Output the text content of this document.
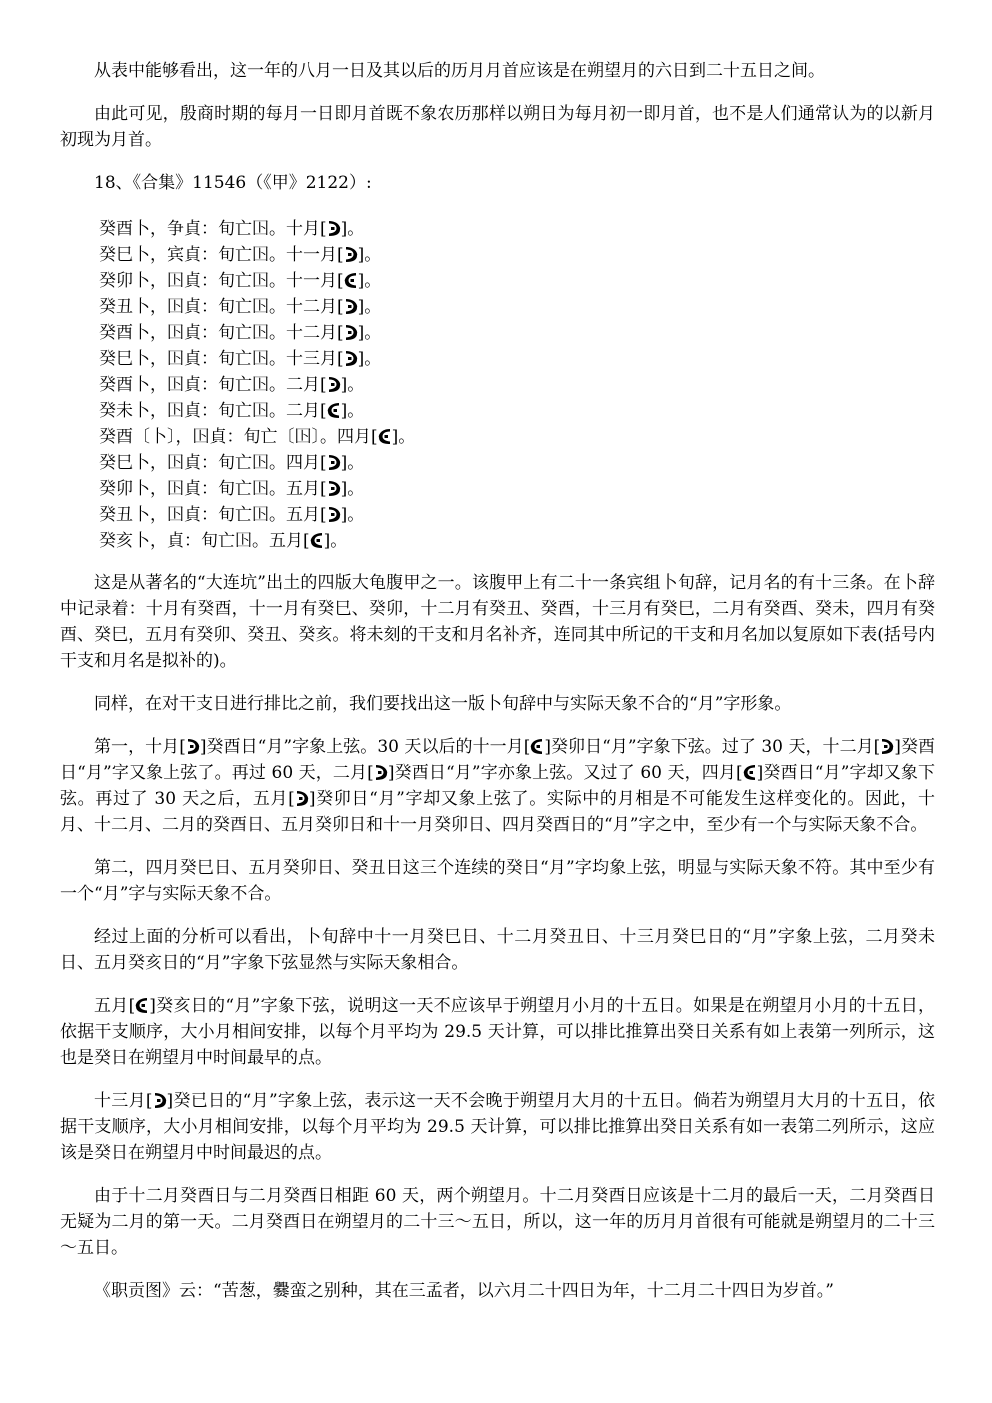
从表中能够看出，这一年的八月一日及其以后的历月月首应该是在朔望月的六日到二十五日之间。

由此可见，殷商时期的每月一日即月首既不象农历那样以朔日为每月初一即月首，也不是人们通常认为的以新月初现为月首。

18、《合集》11546（《甲》2122）:

癸酉卜，争貞：旬亡𡆥。十月[ ]。
癸巳卜，宾貞：旬亡𡆥。十一月[ ]。
癸卯卜，𡆥貞：旬亡𡆥。十一月[ ]。
癸丑卜，𡆥貞：旬亡𡆥。十二月[ ]。
癸酉卜，𡆥貞：旬亡𡆥。十二月[ ]。
癸巳卜，𡆥貞：旬亡𡆥。十三月[ ]。
癸酉卜，𡆥貞：旬亡𡆥。二月[ ]。
癸未卜，𡆥貞：旬亡𡆥。二月[ ]。
癸酉〔卜〕，𡆥貞：旬亡〔𡆥〕。四月[ ]。
癸巳卜，𡆥貞：旬亡𡆥。四月[ ]。
癸卯卜，𡆥貞：旬亡𡆥。五月[ ]。
癸丑卜，𡆥貞：旬亡𡆥。五月[ ]。
癸亥卜，貞：旬亡𡆥。五月[ ]。

这是从著名的“大连坑”出土的四版大龟腹甲之一。该腹甲上有二十一条宾组卜旬辞，记月名的有十三条。在卜辞中记录着：十月有癸酉，十一月有癸巳、癸卯，十二月有癸丑、癸酉，十三月有癸巳，二月有癸酉、癸未，四月有癸酉、癸巳，五月有癸卯、癸丑、癸亥。将未刻的干支和月名补齐，连同其中所记的干支和月名加以复原如下表(括号内干支和月名是拟补的)。

同样，在对干支日进行排比之前，我们要找出这一版卜旬辞中与实际天象不合的“月”字形象。

第一，十月[ ]癸酉日“月”字象上弦。30 天以后的十一月[ ]癸卯日“月”字象下弦。过了 30 天，十二月[ ]癸酉日“月”字又象上弦了。再过 60 天，二月[ ]癸酉日“月”字亦象上弦。又过了 60 天，四月[ ]癸酉日“月”字却又象下弦。再过了 30 天之后，五月[ ]癸卯日“月”字却又象上弦了。实际中的月相是不可能发生这样变化的。因此，十月、十二月、二月的癸酉日、五月癸卯日和十一月癸卯日、四月癸酉日的“月”字之中，至少有一个与实际天象不合。

第二，四月癸巳日、五月癸卯日、癸丑日这三个连续的癸日“月”字均象上弦，明显与实际天象不符。其中至少有一个“月”字与实际天象不合。

经过上面的分析可以看出，卜旬辞中十一月癸巳日、十二月癸丑日、十三月癸巳日的“月”字象上弦，二月癸未日、五月癸亥日的“月”字象下弦显然与实际天象相合。

五月[ ]癸亥日的“月”字象下弦，说明这一天不应该早于朔望月小月的十五日。如果是在朔望月小月的十五日，依据干支顺序，大小月相间安排，以每个月平均为 29.5 天计算，可以排比推算出癸日关系有如上表第一列所示，这也是癸日在朔望月中时间最早的点。

十三月[ ]癸已日的“月”字象上弦，表示这一天不会晚于朔望月大月的十五日。倘若为朔望月大月的十五日，依据干支顺序，大小月相间安排，以每个月平均为 29.5 天计算，可以排比推算出癸日关系有如一表第二列所示，这应该是癸日在朔望月中时间最迟的点。

由于十二月癸酉日与二月癸酉日相距 60 天，两个朔望月。十二月癸酉日应该是十二月的最后一天，二月癸酉日无疑为二月的第一天。二月癸酉日在朔望月的二十三～五日，所以，这一年的历月月首很有可能就是朔望月的二十三～五日。

《职贡图》云：“苦葱，爨蛮之别种，其在三孟者，以六月二十四日为年，十二月二十四日为岁首。”
